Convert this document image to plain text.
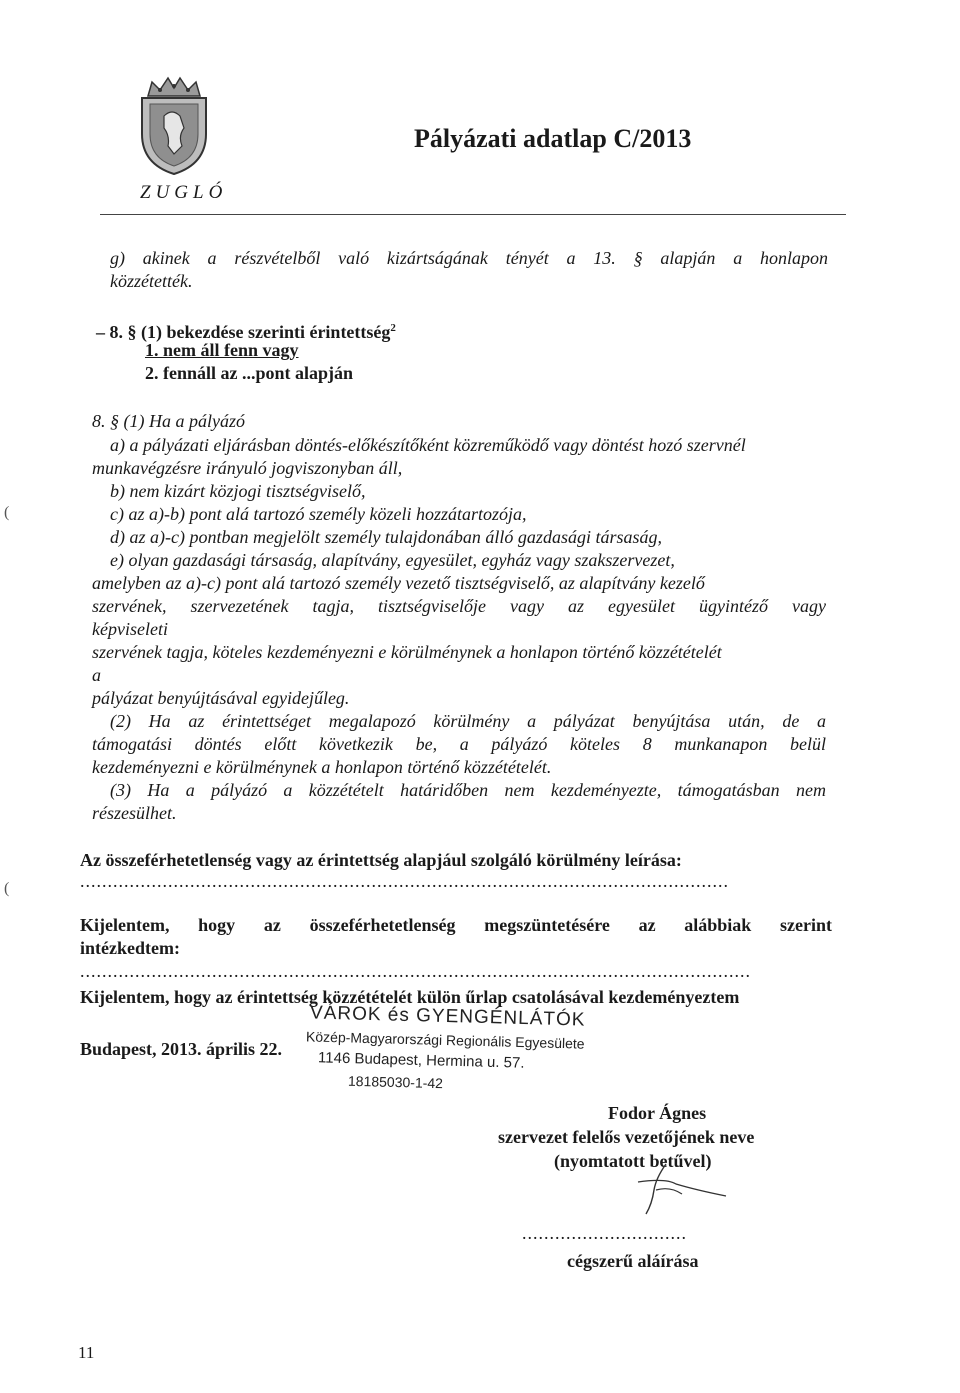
ZUGLÓ
Pályázati adatlap C/2013
g) akinek a részvételből való kizártságának tényét a 13. § alapján a honlapon
közzétették.
– 8. § (1) bekezdése szerinti érintettség$^2$
1. nem áll fenn vagy
2. fennáll az ...pont alapján
8. § (1) Ha a pályázó
a) a pályázati eljárásban döntés-előkészítőként közreműködő vagy döntést hozó szervnél
munkavégzésre irányuló jogviszonyban áll,
b) nem kizárt közjogi tisztségviselő,
(	c) az a)-b) pont alá tartozó személy közeli hozzátartozója,
d) az a)-c) pontban megjelölt személy tulajdonában álló gazdasági társaság,
e) olyan gazdasági társaság, alapítvány, egyesület, egyház vagy szakszervezet,
amelyben az a)-c) pont alá tartozó személy vezető tisztségviselő, az alapítvány kezelő
szervének, szervezetének tagja, tisztségviselője vagy az egyesület ügyintéző vagy
képviseleti
szervének tagja, köteles kezdeményezni e körülménynek a honlapon történő közzétételét
a
pályázat benyújtásával egyidejűleg.
(2) Ha az érintettséget megalapozó körülmény a pályázat benyújtása után, de a
támogatási döntés előtt következik be, a pályázó köteles 8 munkanapon belül
kezdeményezni e körülménynek a honlapon történő közzétételét.
(3) Ha a pályázó a közzétételt határidőben nem kezdeményezte, támogatásban nem
részesülhet.
Az összeférhetetlenség vagy az érintettség alapjául szolgáló körülmény leírása:
(	......................................................................................................................
Kijelentem, hogy az összeférhetetlenség megszüntetésére az alábbiak szerint
intézkedtem:
..........................................................................................................................
Kijelentem, hogy az érintettség közzétételét külön űrlap csatolásával kezdeményeztem
Budapest, 2013. április 22.
VÁROK és GYENGÉNLÁTÓK
Közép-Magyarországi Regionális Egyesülete
1146 Budapest, Hermina u. 57.
18185030-1-42
Fodor Ágnes
szervezet felelős vezetőjének neve
(nyomtatott betűvel)
..............................
cégszerű aláírása
11
